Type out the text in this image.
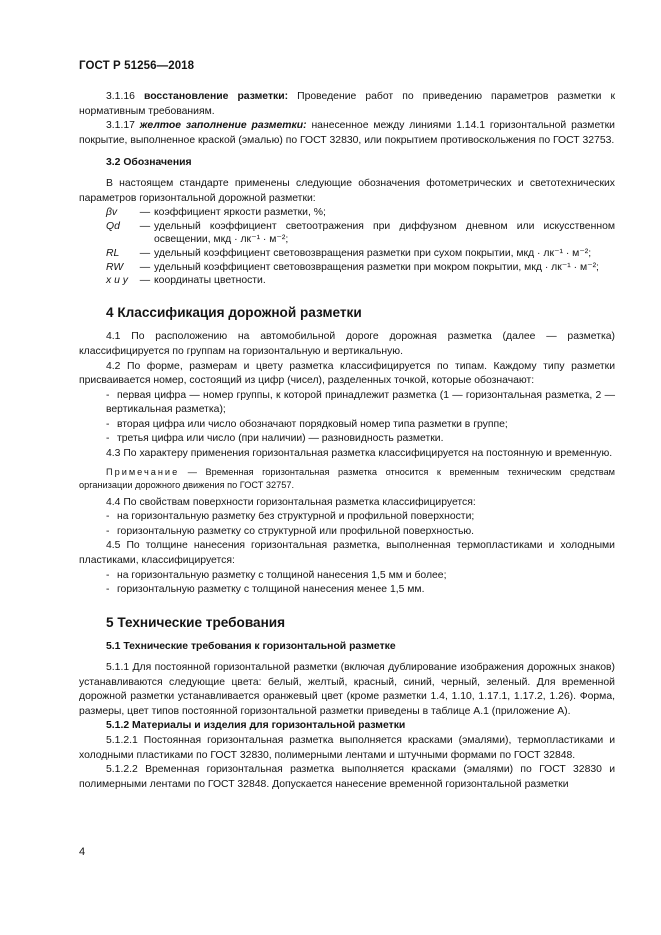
ГОСТ Р 51256—2018

3.1.16 восстановление разметки: Проведение работ по приведению параметров разметки к нормативным требованиям.

3.1.17 желтое заполнение разметки: нанесенное между линиями 1.14.1 горизонтальной разметки покрытие, выполненное краской (эмалью) по ГОСТ 32830, или покрытием противоскольжения по ГОСТ 32753.

3.2 Обозначения

В настоящем стандарте применены следующие обозначения фотометрических и светотехнических параметров горизонтальной дорожной разметки:

βv	—	коэффициент яркости разметки, %;
Qd	—	удельный коэффициент светоотражения при диффузном дневном или искусственном освещении, мкд · лк⁻¹ · м⁻²;
RL	—	удельный коэффициент световозвращения разметки при сухом покрытии, мкд · лк⁻¹ · м⁻²;
RW	—	удельный коэффициент световозвращения разметки при мокром покрытии, мкд · лк⁻¹ · м⁻²;
x и y	—	координаты цветности.

4 Классификация дорожной разметки

4.1 По расположению на автомобильной дороге дорожная разметка (далее — разметка) классифицируется по группам на горизонтальную и вертикальную.

4.2 По форме, размерам и цвету разметка классифицируется по типам. Каждому типу разметки присваивается номер, состоящий из цифр (чисел), разделенных точкой, которые обозначают:

- первая цифра — номер группы, к которой принадлежит разметка (1 — горизонтальная разметка, 2 — вертикальная разметка);

- вторая цифра или число обозначают порядковый номер типа разметки в группе;

- третья цифра или число (при наличии) — разновидность разметки.

4.3 По характеру применения горизонтальная разметка классифицируется на постоянную и временную.

Примечание — Временная горизонтальная разметка относится к временным техническим средствам организации дорожного движения по ГОСТ 32757.

4.4 По свойствам поверхности горизонтальная разметка классифицируется:

- на горизонтальную разметку без структурной и профильной поверхности;

- горизонтальную разметку со структурной или профильной поверхностью.

4.5 По толщине нанесения горизонтальная разметка, выполненная термопластиками и холодными пластиками, классифицируется:

- на горизонтальную разметку с толщиной нанесения 1,5 мм и более;

- горизонтальную разметку с толщиной нанесения менее 1,5 мм.

5 Технические требования

5.1 Технические требования к горизонтальной разметке

5.1.1 Для постоянной горизонтальной разметки (включая дублирование изображения дорожных знаков) устанавливаются следующие цвета: белый, желтый, красный, синий, черный, зеленый. Для временной дорожной разметки устанавливается оранжевый цвет (кроме разметки 1.4, 1.10, 1.17.1, 1.17.2, 1.26). Форма, размеры, цвет типов постоянной горизонтальной разметки приведены в таблице А.1 (приложение А).

5.1.2 Материалы и изделия для горизонтальной разметки

5.1.2.1 Постоянная горизонтальная разметка выполняется красками (эмалями), термопластиками и холодными пластиками по ГОСТ 32830, полимерными лентами и штучными формами по ГОСТ 32848.

5.1.2.2 Временная горизонтальная разметка выполняется красками (эмалями) по ГОСТ 32830 и полимерными лентами по ГОСТ 32848. Допускается нанесение временной горизонтальной разметки

4
